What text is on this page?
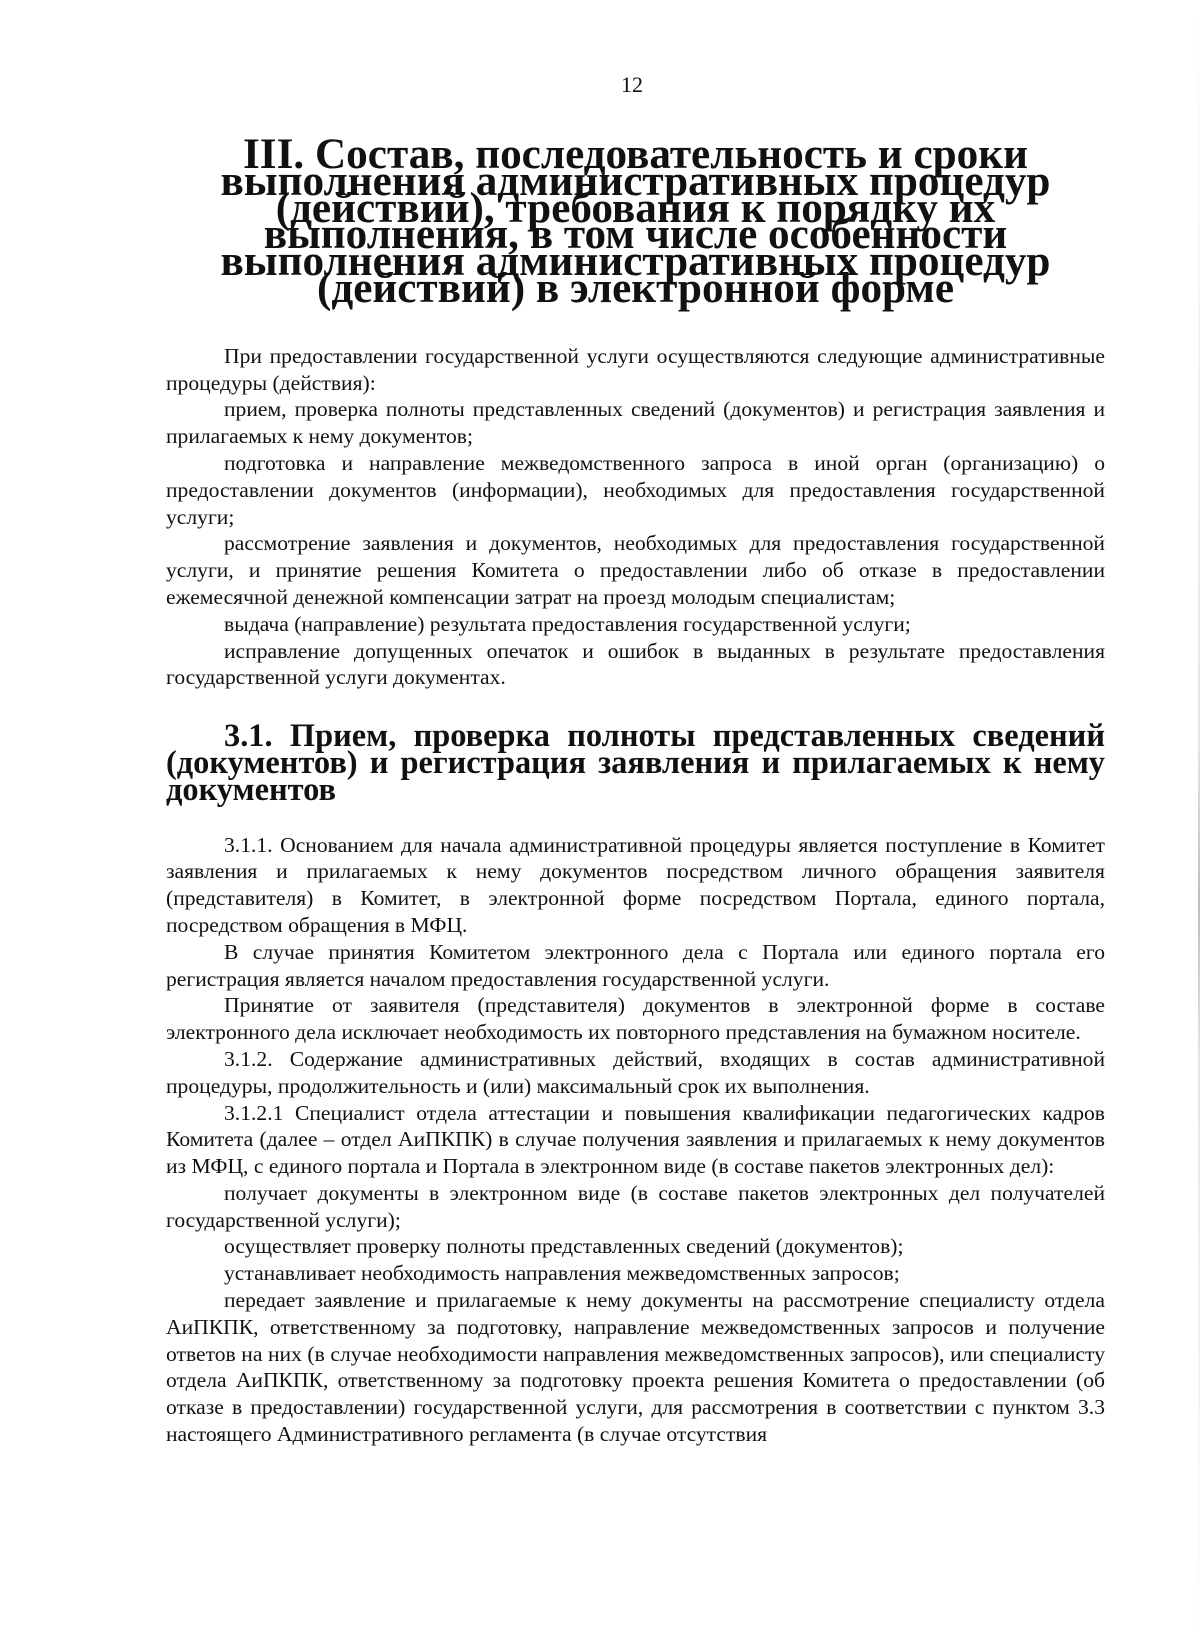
12
III. Состав, последовательность и сроки выполнения административных процедур (действий), требования к порядку их выполнения, в том числе особенности выполнения административных процедур (действий) в электронной форме

При предоставлении государственной услуги осуществляются следующие административные процедуры (действия):

прием, проверка полноты представленных сведений (документов) и регистрация заявления и прилагаемых к нему документов;

подготовка и направление межведомственного запроса в иной орган (организацию) о предоставлении документов (информации), необходимых для предоставления государственной услуги;

рассмотрение заявления и документов, необходимых для предоставления государственной услуги, и принятие решения Комитета о предоставлении либо об отказе в предоставлении ежемесячной денежной компенсации затрат на проезд молодым специалистам;

выдача (направление) результата предоставления государственной услуги;

исправление допущенных опечаток и ошибок в выданных в результате предоставления государственной услуги документах.

3.1. Прием, проверка полноты представленных сведений (документов) и регистрация заявления и прилагаемых к нему документов

3.1.1. Основанием для начала административной процедуры является поступление в Комитет заявления и прилагаемых к нему документов посредством личного обращения заявителя (представителя) в Комитет, в электронной форме посредством Портала, единого портала, посредством обращения в МФЦ.

В случае принятия Комитетом электронного дела с Портала или единого портала его регистрация является началом предоставления государственной услуги.

Принятие от заявителя (представителя) документов в электронной форме в составе электронного дела исключает необходимость их повторного представления на бумажном носителе.

3.1.2. Содержание административных действий, входящих в состав административной процедуры, продолжительность и (или) максимальный срок их выполнения.

3.1.2.1 Специалист отдела аттестации и повышения квалификации педагогических кадров Комитета (далее – отдел АиПКПК) в случае получения заявления и прилагаемых к нему документов из МФЦ, с единого портала и Портала в электронном виде (в составе пакетов электронных дел):

получает документы в электронном виде (в составе пакетов электронных дел получателей государственной услуги);

осуществляет проверку полноты представленных сведений (документов);

устанавливает необходимость направления межведомственных запросов;

передает заявление и прилагаемые к нему документы на рассмотрение специалисту отдела АиПКПК, ответственному за подготовку, направление межведомственных запросов и получение ответов на них (в случае необходимости направления межведомственных запросов), или специалисту отдела АиПКПК, ответственному за подготовку проекта решения Комитета о предоставлении (об отказе в предоставлении) государственной услуги, для рассмотрения в соответствии с пунктом 3.3 настоящего Административного регламента (в случае отсутствия
